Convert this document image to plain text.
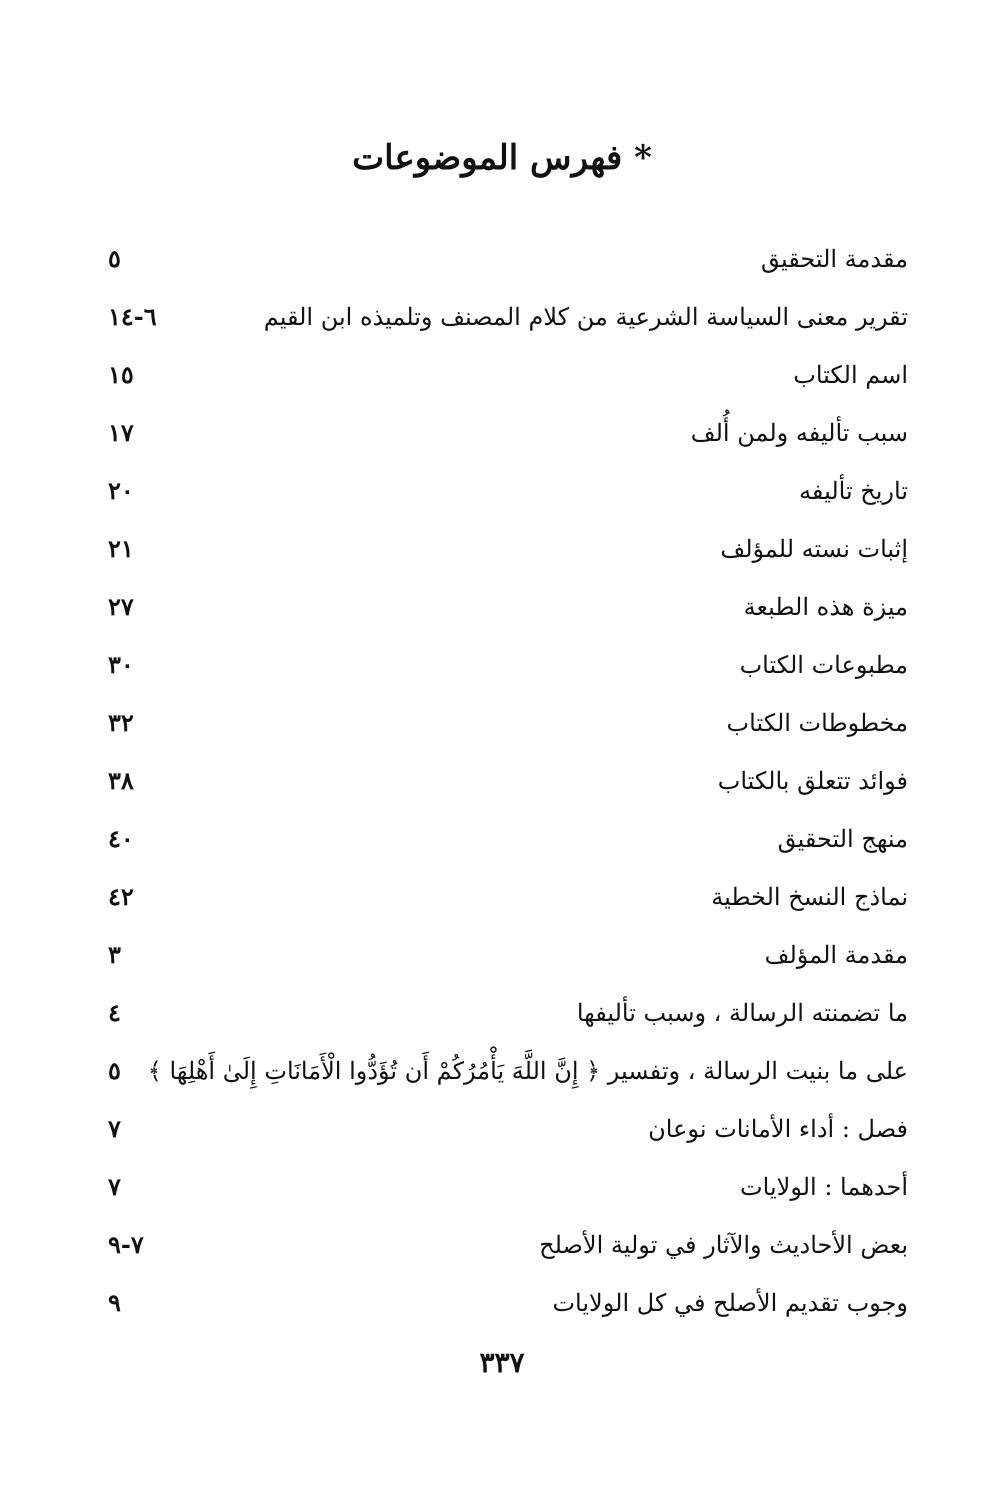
* فهرس الموضوعات
مقدمة التحقيق
٥
تقرير معنى السياسة الشرعية من كلام المصنف وتلميذه ابن القيم
٦-١٤
اسم الكتاب
١٥
سبب تأليفه ولمن أُلف
١٧
تاريخ تأليفه
٢٠
إثبات نسته للمؤلف
٢١
ميزة هذه الطبعة
٢٧
مطبوعات الكتاب
٣٠
مخطوطات الكتاب
٣٢
فوائد تتعلق بالكتاب
٣٨
منهج التحقيق
٤٠
نماذج النسخ الخطية
٤٢
مقدمة المؤلف
٣
ما تضمنته الرسالة ، وسبب تأليفها
٤
على ما بنيت الرسالة ، وتفسير ﴿ إِنَّ اللَّهَ يَأْمُرُكُمْ أَن تُؤَدُّوا الْأَمَانَاتِ إِلَىٰ أَهْلِهَا ﴾
٥
فصل : أداء الأمانات نوعان
٧
أحدهما : الولايات
٧
بعض الأحاديث والآثار في تولية الأصلح
٧-٩
وجوب تقديم الأصلح في كل الولايات
٩
٣٣٧
